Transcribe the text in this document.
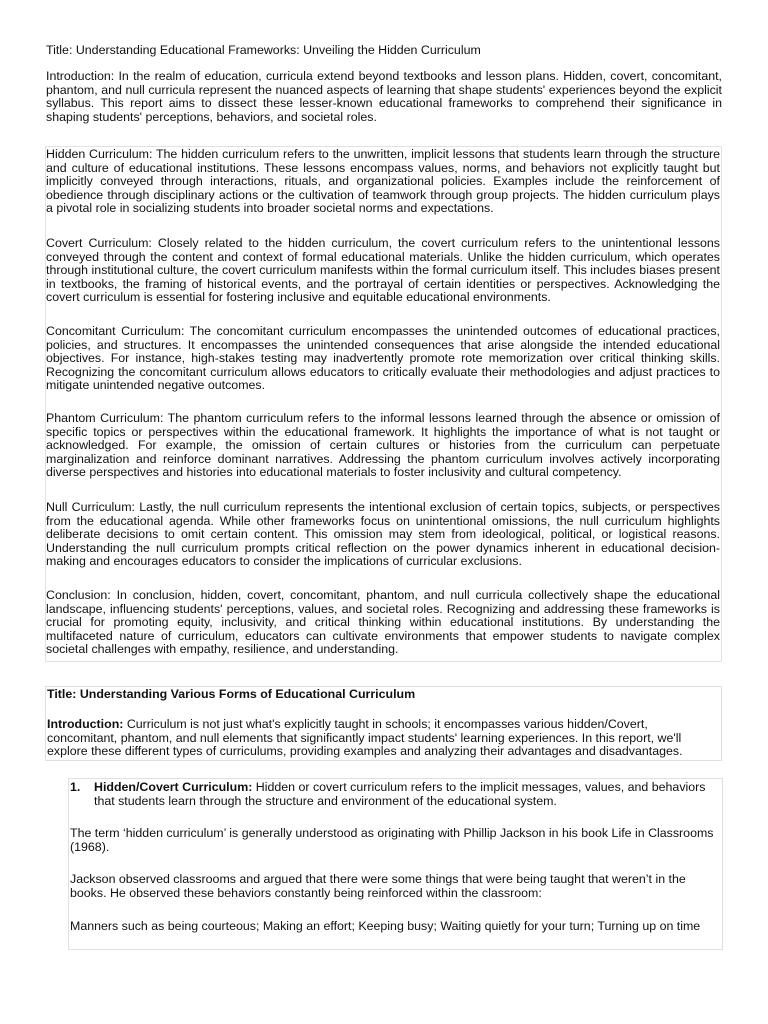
Title: Understanding Educational Frameworks: Unveiling the Hidden Curriculum

Introduction: In the realm of education, curricula extend beyond textbooks and lesson plans. Hidden, covert, concomitant, phantom, and null curricula represent the nuanced aspects of learning that shape students' experiences beyond the explicit syllabus. This report aims to dissect these lesser-known educational frameworks to comprehend their significance in shaping students' perceptions, behaviors, and societal roles.

Hidden Curriculum: The hidden curriculum refers to the unwritten, implicit lessons that students learn through the structure and culture of educational institutions. These lessons encompass values, norms, and behaviors not explicitly taught but implicitly conveyed through interactions, rituals, and organizational policies. Examples include the reinforcement of obedience through disciplinary actions or the cultivation of teamwork through group projects. The hidden curriculum plays a pivotal role in socializing students into broader societal norms and expectations.

Covert Curriculum: Closely related to the hidden curriculum, the covert curriculum refers to the unintentional lessons conveyed through the content and context of formal educational materials. Unlike the hidden curriculum, which operates through institutional culture, the covert curriculum manifests within the formal curriculum itself. This includes biases present in textbooks, the framing of historical events, and the portrayal of certain identities or perspectives. Acknowledging the covert curriculum is essential for fostering inclusive and equitable educational environments.

Concomitant Curriculum: The concomitant curriculum encompasses the unintended outcomes of educational practices, policies, and structures. It encompasses the unintended consequences that arise alongside the intended educational objectives. For instance, high-stakes testing may inadvertently promote rote memorization over critical thinking skills. Recognizing the concomitant curriculum allows educators to critically evaluate their methodologies and adjust practices to mitigate unintended negative outcomes.

Phantom Curriculum: The phantom curriculum refers to the informal lessons learned through the absence or omission of specific topics or perspectives within the educational framework. It highlights the importance of what is not taught or acknowledged. For example, the omission of certain cultures or histories from the curriculum can perpetuate marginalization and reinforce dominant narratives. Addressing the phantom curriculum involves actively incorporating diverse perspectives and histories into educational materials to foster inclusivity and cultural competency.

Null Curriculum: Lastly, the null curriculum represents the intentional exclusion of certain topics, subjects, or perspectives from the educational agenda. While other frameworks focus on unintentional omissions, the null curriculum highlights deliberate decisions to omit certain content. This omission may stem from ideological, political, or logistical reasons. Understanding the null curriculum prompts critical reflection on the power dynamics inherent in educational decision-making and encourages educators to consider the implications of curricular exclusions.

Conclusion: In conclusion, hidden, covert, concomitant, phantom, and null curricula collectively shape the educational landscape, influencing students' perceptions, values, and societal roles. Recognizing and addressing these frameworks is crucial for promoting equity, inclusivity, and critical thinking within educational institutions. By understanding the multifaceted nature of curriculum, educators can cultivate environments that empower students to navigate complex societal challenges with empathy, resilience, and understanding.

Title: Understanding Various Forms of Educational Curriculum

Introduction: Curriculum is not just what's explicitly taught in schools; it encompasses various hidden/Covert, concomitant, phantom, and null elements that significantly impact students' learning experiences. In this report, we'll explore these different types of curriculums, providing examples and analyzing their advantages and disadvantages.

1. Hidden/Covert Curriculum: Hidden or covert curriculum refers to the implicit messages, values, and behaviors that students learn through the structure and environment of the educational system.

The term ‘hidden curriculum’ is generally understood as originating with Phillip Jackson in his book Life in Classrooms (1968).

Jackson observed classrooms and argued that there were some things that were being taught that weren’t in the books. He observed these behaviors constantly being reinforced within the classroom:

Manners such as being courteous; Making an effort; Keeping busy; Waiting quietly for your turn; Turning up on time
